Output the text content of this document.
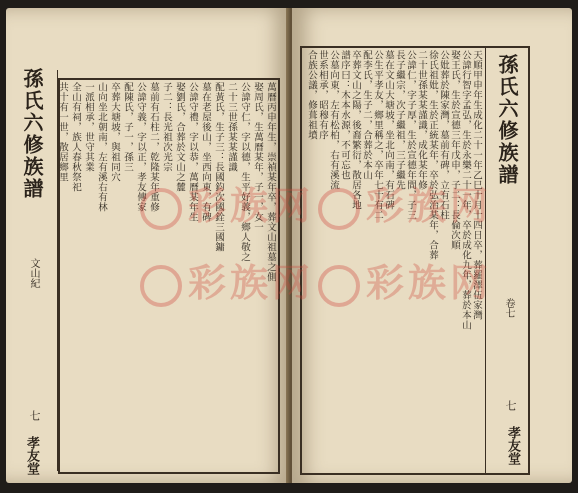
孫氏六修族譜
文山紀
七
孝友堂
萬曆丙申年生，崇禎某年卒，葬文山祖墓之側
娶周氏，生萬曆某年，子一，女一
公諱守仁，字以德，生平好義，鄉人敬之
二十三世孫某某謹識
配黃氏，生子三：長國鈞次國銓三國鏞
墓在老屋後山，坐西向東，有碑
公諱守禮，字以恭，萬曆某年生
娶劉氏，合葬於文山之麓
子二：長光祖次光宗
墓前有石柱二，乾隆某年重修
公諱守義，字以正，孝友傳家
配陳氏，子一，孫三
卒葬大塘坡，與祖同穴
山向坐北朝南，左有溪右有林
一派相承，世守其業
全山有祠，族人春秋祭祀
共十有一世，散居鄉里	孫氏六修族譜
卷七
七
孝友堂
天順甲申年生成化二十一年乙巳十月十四日卒，葬羅澤伍家灣
公諱行智字孟弘，生於永樂二十一年，卒於成化九年，葬於本山
娶王氏，生於宣德三年戊申，子二：長倫次順
公妣葬於陳家灣，墓前有碑，立有石柱
徐氏祖妣，生於正統某年，卒於弘治某年，合葬
二十世孫某某謹識，成化某年修
公諱仁，字子厚，生於宣德年間，子三
長子繼宗，次子繼祖，三子繼先
墓在文山大塘坡，坐北向南，有石碑
公生平孝友，鄉里稱之，卒年七十有二
配李氏，生子二，合葬於本山
卒葬文山之陽，後裔繁衍，散居各地
譜序曰：木本水源，不可忘也
公墓向東，左有松柏，右有溪流
世系相承，昭穆有序
合族公議，修葺祖墳
彩族网
彩族网
彩族网
彩族网
